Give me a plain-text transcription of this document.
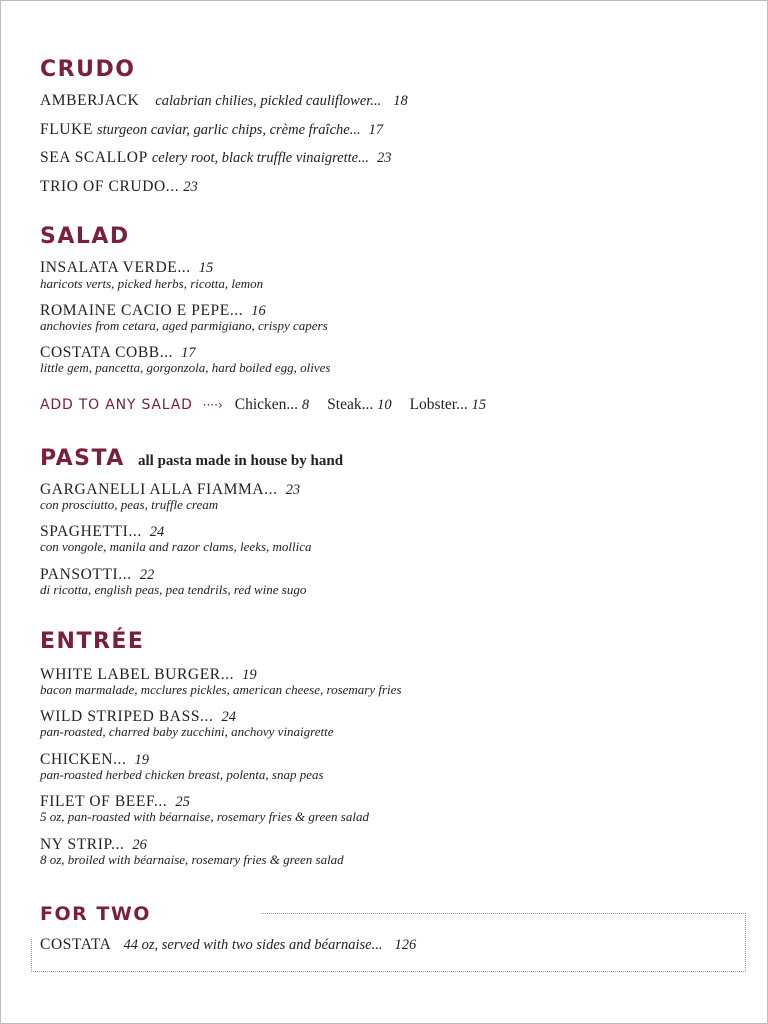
CRUDO

AMBERJACK calabrian chilies, pickled cauliflower... 18

FLUKE sturgeon caviar, garlic chips, crème fraîche... 17

SEA SCALLOP celery root, black truffle vinaigrette... 23

TRIO OF CRUDO... 23

SALAD

INSALATA VERDE... 15

haricots verts, picked herbs, ricotta, lemon

ROMAINE CACIO E PEPE... 16

anchovies from cetara, aged parmigiano, crispy capers

COSTATA COBB... 17

little gem, pancetta, gorgonzola, hard boiled egg, olives

ADD TO ANY SALAD ····› Chicken... 8 Steak... 10 Lobster... 15
PASTA all pasta made in house by hand

GARGANELLI ALLA FIAMMA... 23

con prosciutto, peas, truffle cream

SPAGHETTI... 24

con vongole, manila and razor clams, leeks, mollica

PANSOTTI... 22

di ricotta, english peas, pea tendrils, red wine sugo

ENTRÉE

WHITE LABEL BURGER... 19

bacon marmalade, mcclures pickles, american cheese, rosemary fries

WILD STRIPED BASS... 24

pan-roasted, charred baby zucchini, anchovy vinaigrette

CHICKEN... 19

pan-roasted herbed chicken breast, polenta, snap peas

FILET OF BEEF... 25

5 oz, pan-roasted with béarnaise, rosemary fries & green salad

NY STRIP... 26

8 oz, broiled with béarnaise, rosemary fries & green salad

FOR TWO

COSTATA 44 oz, served with two sides and béarnaise... 126
